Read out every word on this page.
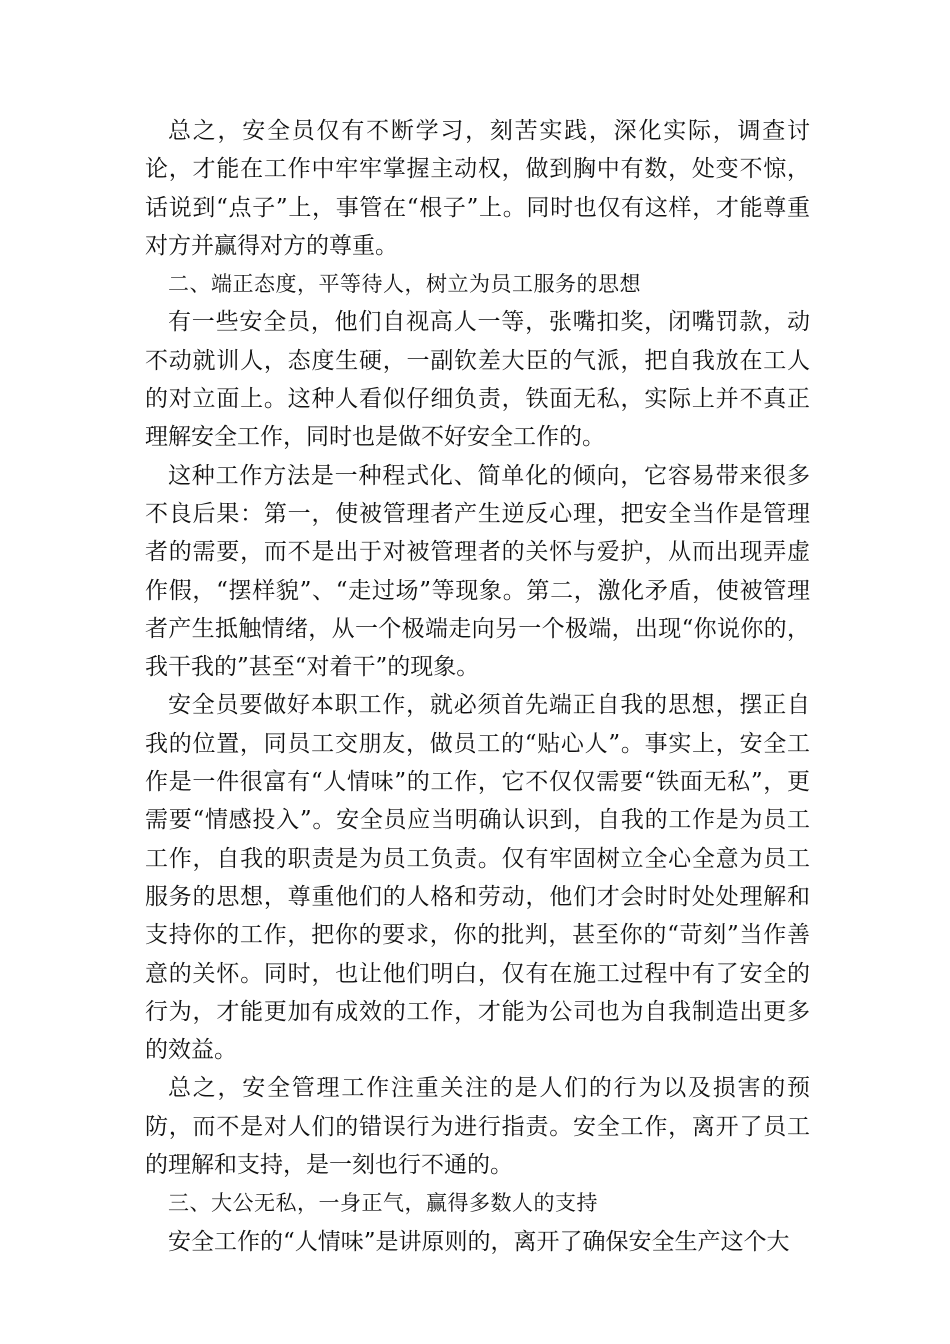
总之，安全员仅有不断学习，刻苦实践，深化实际，调查讨论，才能在工作中牢牢掌握主动权，做到胸中有数，处变不惊，话说到“点子”上，事管在“根子”上。同时也仅有这样，才能尊重对方并赢得对方的尊重。

二、端正态度，平等待人，树立为员工服务的思想

有一些安全员，他们自视高人一等，张嘴扣奖，闭嘴罚款，动不动就训人，态度生硬，一副钦差大臣的气派，把自我放在工人的对立面上。这种人看似仔细负责，铁面无私，实际上并不真正理解安全工作，同时也是做不好安全工作的。

这种工作方法是一种程式化、简单化的倾向，它容易带来很多不良后果：第一，使被管理者产生逆反心理，把安全当作是管理者的需要，而不是出于对被管理者的关怀与爱护，从而出现弄虚作假，“摆样貌”、“走过场”等现象。第二，激化矛盾，使被管理者产生抵触情绪，从一个极端走向另一个极端，出现“你说你的，我干我的”甚至“对着干”的现象。

安全员要做好本职工作，就必须首先端正自我的思想，摆正自我的位置，同员工交朋友，做员工的“贴心人”。事实上，安全工作是一件很富有“人情味”的工作，它不仅仅需要“铁面无私”，更需要“情感投入”。安全员应当明确认识到，自我的工作是为员工工作，自我的职责是为员工负责。仅有牢固树立全心全意为员工服务的思想，尊重他们的人格和劳动，他们才会时时处处理解和支持你的工作，把你的要求，你的批判，甚至你的“苛刻”当作善意的关怀。同时，也让他们明白，仅有在施工过程中有了安全的行为，才能更加有成效的工作，才能为公司也为自我制造出更多的效益。

总之，安全管理工作注重关注的是人们的行为以及损害的预防，而不是对人们的错误行为进行指责。安全工作，离开了员工的理解和支持，是一刻也行不通的。

三、大公无私，一身正气，赢得多数人的支持

安全工作的“人情味”是讲原则的，离开了确保安全生产这个大
